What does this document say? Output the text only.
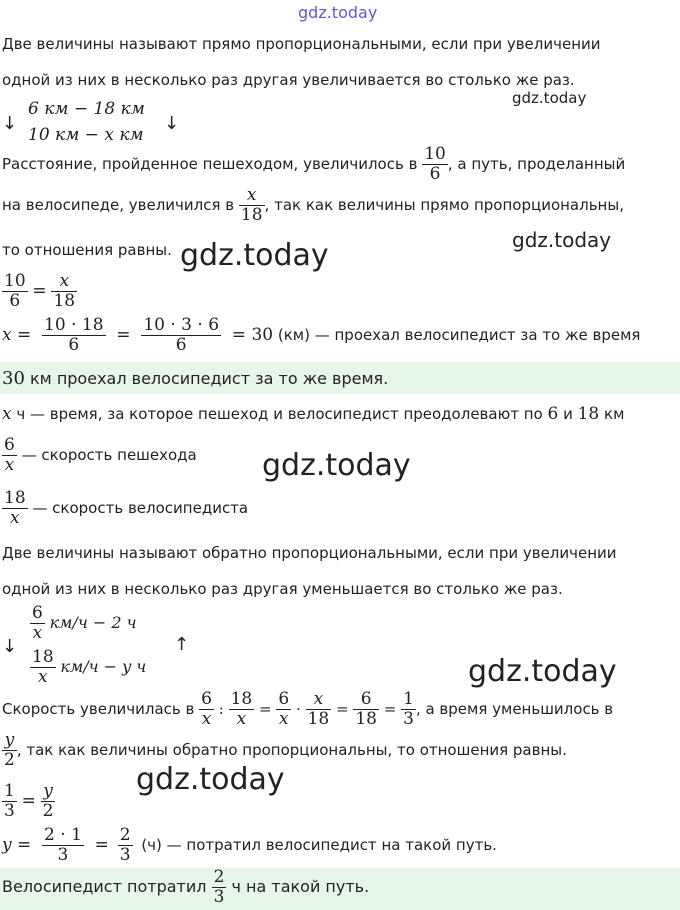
gdz.today
Две величины называют прямо пропорциональными, если при увеличении
одной из них в несколько раз другая увеличивается во столько же раз.
↓
6 км − 18 км
10 км − x км
↓
gdz.today
Расстояние, пройденное пешеходом, увеличилось в $\frac{10}{6}$ , а путь, проделанный
на велосипеде, увеличился в $\frac{x}{18}$ , так как величины прямо пропорциональны,
то отношения равны. gdz.today	gdz.today
$\frac{10}{6} = \frac{x}{18}$
$x = \frac{10 \cdot 18}{6} = \frac{10 \cdot 3 \cdot 6}{6} = 30$ (км) — проехал велосипедист за то же время
30 км проехал велосипедист за то же время.
x ч — время, за которое пешеход и велосипедист преодолевают по 6 и 18 км
$\frac{6}{x}$ — скорость пешехода gdz.today
$\frac{18}{x}$ — скорость велосипедиста
Две величины называют обратно пропорциональными, если при увеличении
одной из них в несколько раз другая уменьшается во столько же раз.
↓
$\frac{6}{x} км/ч - 2$ ч
$\frac{18}{x} км/ч - y$ ч
↑
gdz.today
Скорость увеличилась в $\frac{6}{x}$ : $\frac{18}{x} = \frac{6}{x} \cdot \frac{x}{18} = \frac{6}{18} = \frac{1}{3}$ , а время уменьшилось в
$\frac{y}{2}$ , так как величины обратно пропорциональны, то отношения равны.
gdz.today
$\frac{1}{3} = \frac{y}{2}$
$y = \frac{2 \cdot 1}{3} = \frac{2}{3} (ч)$ — потратил велосипедист на такой путь.
Велосипедист потратил $\frac{2}{3}$ ч на такой путь.
